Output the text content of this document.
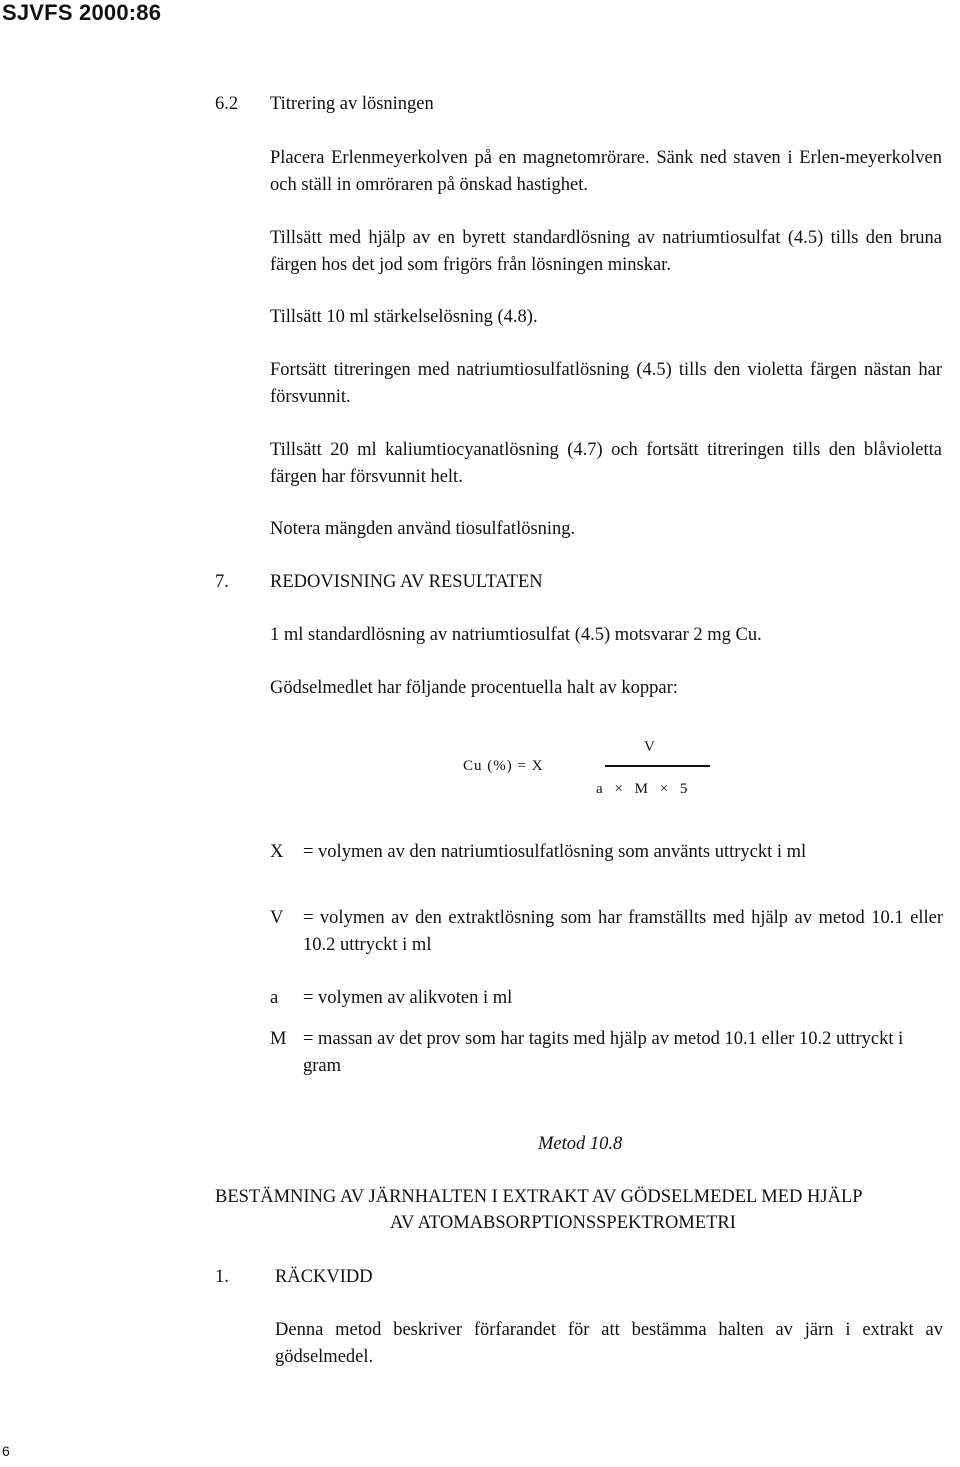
SJVFS 2000:86
6.2 Titrering av lösningen
Placera Erlenmeyerkolven på en magnetomrörare. Sänk ned staven i Erlen-meyerkolven och ställ in omröraren på önskad hastighet.
Tillsätt med hjälp av en byrett standardlösning av natriumtiosulfat (4.5) tills den bruna färgen hos det jod som frigörs från lösningen minskar.
Tillsätt 10 ml stärkelselösning (4.8).
Fortsätt titreringen med natriumtiosulfatlösning (4.5) tills den violetta färgen nästan har försvunnit.
Tillsätt 20 ml kaliumtiocyanatlösning (4.7) och fortsätt titreringen tills den blåvioletta färgen har försvunnit helt.
Notera mängden använd tiosulfatlösning.
7. REDOVISNING AV RESULTATEN
1 ml standardlösning av natriumtiosulfat (4.5) motsvarar 2 mg Cu.
Gödselmedlet har följande procentuella halt av koppar:
Cu (%) = X
V
a × M × 5
X = volymen av den natriumtiosulfatlösning som använts uttryckt i ml
V = volymen av den extraktlösning som har framställts med hjälp av metod 10.1 eller 10.2 uttryckt i ml
a = volymen av alikvoten i ml
M = massan av det prov som har tagits med hjälp av metod 10.1 eller 10.2 uttryckt i gram
Metod 10.8
BESTÄMNING AV JÄRNHALTEN I EXTRAKT AV GÖDSELMEDEL MED HJÄLP
AV ATOMABSORPTIONSSPEKTROMETRI
1. RÄCKVIDD
Denna metod beskriver förfarandet för att bestämma halten av järn i extrakt av gödselmedel.
6
